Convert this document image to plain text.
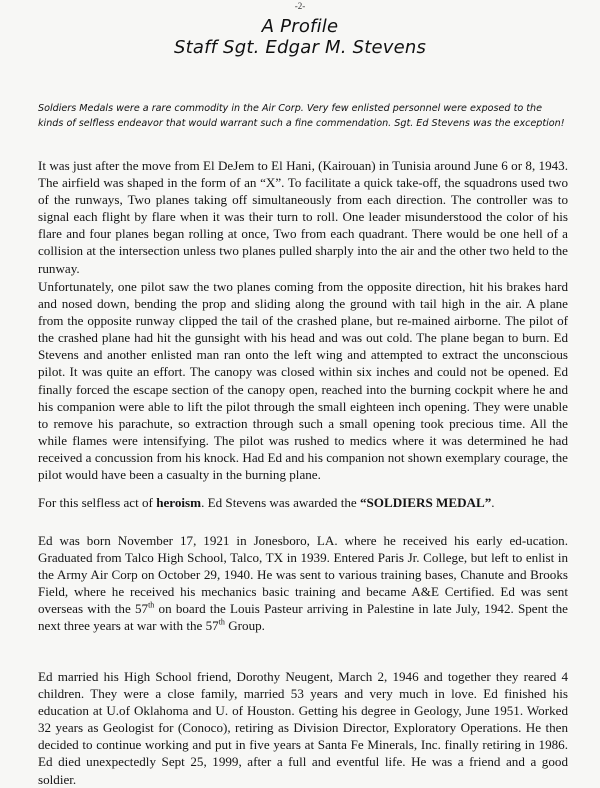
-2-
A Profile
Staff Sgt. Edgar M. Stevens
Soldiers Medals were a rare commodity in the Air Corp. Very few enlisted personnel were exposed to the kinds of selfless endeavor that would warrant such a fine commendation. Sgt. Ed Stevens was the exception!

It was just after the move from El DeJem to El Hani, (Kairouan) in Tunisia around June 6 or 8, 1943. The airfield was shaped in the form of an “X”. To facilitate a quick take-off, the squadrons used two of the runways, Two planes taking off simultaneously from each direction. The controller was to signal each flight by flare when it was their turn to roll. One leader misunderstood the color of his flare and four planes began rolling at once, Two from each quadrant. There would be one hell of a collision at the intersection unless two planes pulled sharply into the air and the other two held to the runway.

Unfortunately, one pilot saw the two planes coming from the opposite direction, hit his brakes hard and nosed down, bending the prop and sliding along the ground with tail high in the air. A plane from the opposite runway clipped the tail of the crashed plane, but re-mained airborne. The pilot of the crashed plane had hit the gunsight with his head and was out cold. The plane began to burn. Ed Stevens and another enlisted man ran onto the left wing and attempted to extract the unconscious pilot. It was quite an effort. The canopy was closed within six inches and could not be opened. Ed finally forced the escape section of the canopy open, reached into the burning cockpit where he and his companion were able to lift the pilot through the small eighteen inch opening. They were unable to remove his parachute, so extraction through such a small opening took precious time. All the while flames were intensifying. The pilot was rushed to medics where it was determined he had received a concussion from his knock. Had Ed and his companion not shown exemplary courage, the pilot would have been a casualty in the burning plane.

For this selfless act of heroism. Ed Stevens was awarded the “SOLDIERS MEDAL”.

Ed was born November 17, 1921 in Jonesboro, LA. where he received his early ed-ucation. Graduated from Talco High School, Talco, TX in 1939. Entered Paris Jr. College, but left to enlist in the Army Air Corp on October 29, 1940. He was sent to various training bases, Chanute and Brooks Field, where he received his mechanics basic training and became A&E Certified. Ed was sent overseas with the 57th on board the Louis Pasteur arriving in Palestine in late July, 1942. Spent the next three years at war with the 57th Group.

Ed married his High School friend, Dorothy Neugent, March 2, 1946 and together they reared 4 children. They were a close family, married 53 years and very much in love. Ed finished his education at U.of Oklahoma and U. of Houston. Getting his degree in Geology, June 1951. Worked 32 years as Geologist for (Conoco), retiring as Division Director, Exploratory Operations. He then decided to continue working and put in five years at Santa Fe Minerals, Inc. finally retiring in 1986. Ed died unexpectedly Sept 25, 1999, after a full and eventful life. He was a friend and a good soldier.
